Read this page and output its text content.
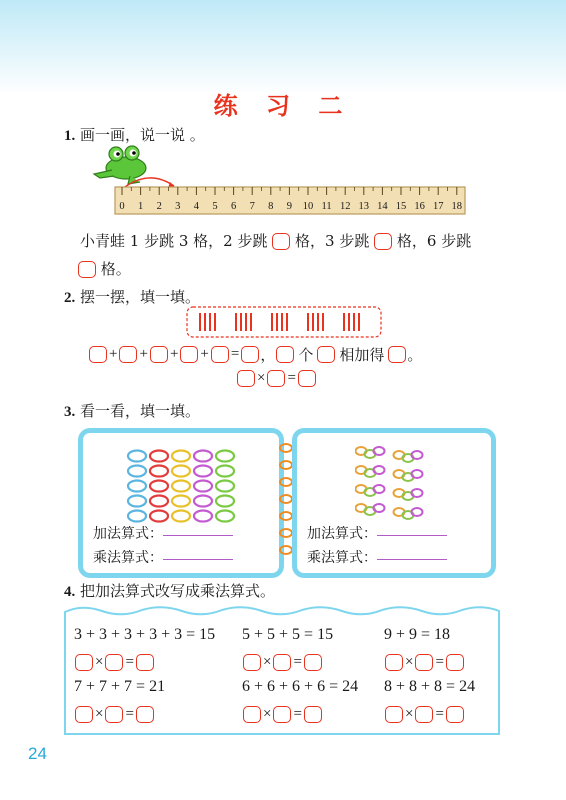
练 习 二
1. 画一画，说一说 。
0 1 2 3 4 5 6 7 8 9 10 11 12 13 14 15 16 17 18
小青蛙 1 步跳 3 格，2 步跳 格，3 步跳 格，6 步跳
格。
2. 摆一摆，填一填。
+ + + + = ， 个 相加得 。
× =
3. 看一看，填一填。
加法算式：
乘法算式：
加法算式：
乘法算式：
4. 把加法算式改写成乘法算式。
3 + 3 + 3 + 3 + 3 = 15 5 + 5 + 5 = 15	9 + 9 = 18
× =	× =	× =
7 + 7 + 7 = 21	6 + 6 + 6 + 6 = 24 8 + 8 + 8 = 24
× =	× =	× =
24
